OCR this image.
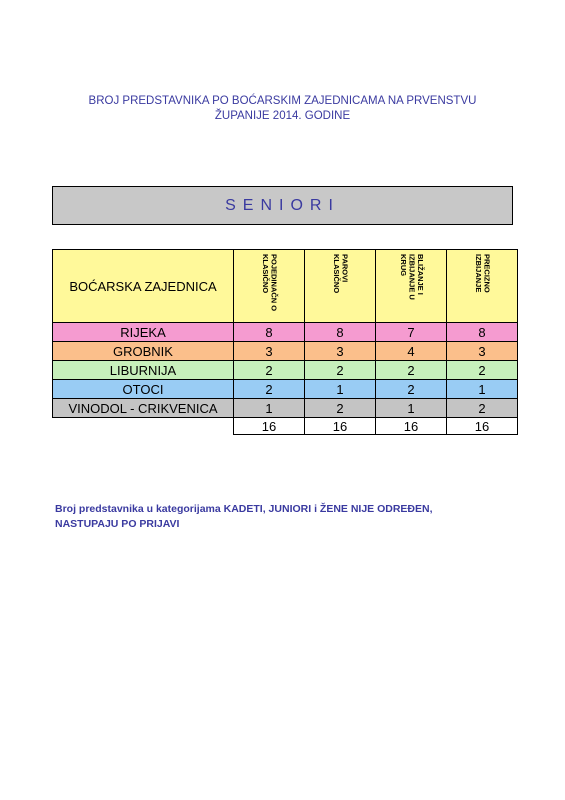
BROJ PREDSTAVNIKA PO BOĆARSKIM ZAJEDNICAMA NA PRVENSTVU
ŽUPANIJE 2014. GODINE
SENIORI
BOĆARSKA ZAJEDNICA	POJEDINAČN O KLASIČNO	PAROVI KLASIČNO	BLIŽANJE I IZBIJANJE U KRUG	PRECIZNO IZBIJANJE

RIJEKA	8	8	7	8
GROBNIK	3	3	4	3
LIBURNIJA	2	2	2	2
OTOCI	2	1	2	1
VINODOL - CRIKVENICA	1	2	1	2
	16	16	16	16
Broj predstavnika u kategorijama KADETI, JUNIORI i ŽENE NIJE ODREĐEN,
NASTUPAJU PO PRIJAVI
